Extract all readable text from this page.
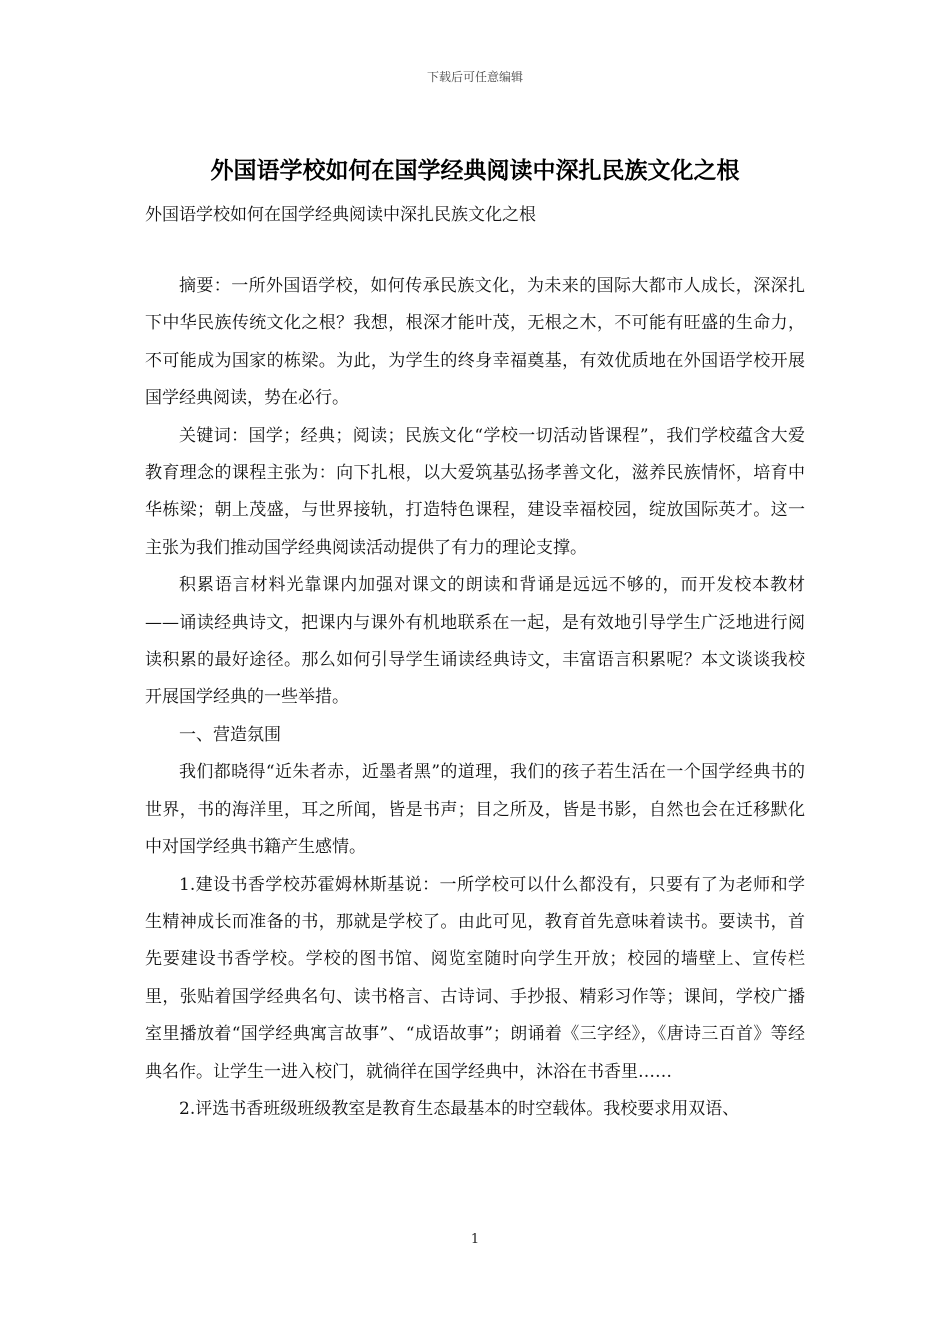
下载后可任意编辑
外国语学校如何在国学经典阅读中深扎民族文化之根
外国语学校如何在国学经典阅读中深扎民族文化之根

摘要：一所外国语学校，如何传承民族文化，为未来的国际大都市人成长，深深扎下中华民族传统文化之根？我想，根深才能叶茂，无根之木，不可能有旺盛的生命力，不可能成为国家的栋梁。为此，为学生的终身幸福奠基，有效优质地在外国语学校开展国学经典阅读，势在必行。

关键词：国学；经典；阅读；民族文化“学校一切活动皆课程”，我们学校蕴含大爱教育理念的课程主张为：向下扎根，以大爱筑基弘扬孝善文化，滋养民族情怀，培育中华栋梁；朝上茂盛，与世界接轨，打造特色课程，建设幸福校园，绽放国际英才。这一主张为我们推动国学经典阅读活动提供了有力的理论支撑。

积累语言材料光靠课内加强对课文的朗读和背诵是远远不够的，而开发校本教材——诵读经典诗文，把课内与课外有机地联系在一起，是有效地引导学生广泛地进行阅读积累的最好途径。那么如何引导学生诵读经典诗文，丰富语言积累呢？本文谈谈我校开展国学经典的一些举措。

一、营造氛围

我们都晓得“近朱者赤，近墨者黑”的道理，我们的孩子若生活在一个国学经典书的世界，书的海洋里，耳之所闻，皆是书声；目之所及，皆是书影，自然也会在迁移默化中对国学经典书籍产生感情。

1.建设书香学校苏霍姆林斯基说：一所学校可以什么都没有，只要有了为老师和学生精神成长而准备的书，那就是学校了。由此可见，教育首先意味着读书。要读书，首先要建设书香学校。学校的图书馆、阅览室随时向学生开放；校园的墙壁上、宣传栏里，张贴着国学经典名句、读书格言、古诗词、手抄报、精彩习作等；课间，学校广播室里播放着“国学经典寓言故事”、“成语故事”；朗诵着《三字经》，《唐诗三百首》等经典名作。让学生一进入校门，就徜徉在国学经典中，沐浴在书香里……

2.评选书香班级班级教室是教育生态最基本的时空载体。我校要求用双语、

1
